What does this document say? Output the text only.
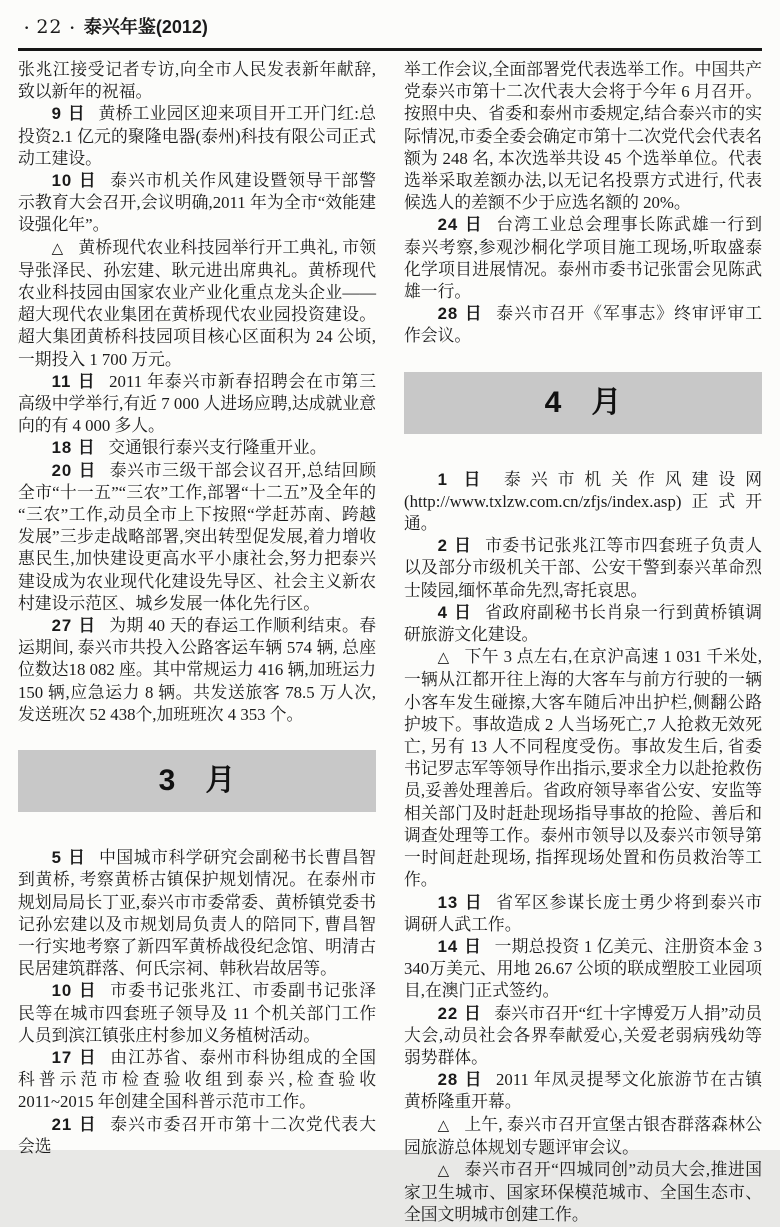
· 22 · 泰兴年鉴(2012)

张兆江接受记者专访,向全市人民发表新年献辞,致以新年的祝福。

9 日 黄桥工业园区迎来项目开工开门红:总投资2.1 亿元的聚隆电器(泰州)科技有限公司正式动工建设。

10 日 泰兴市机关作风建设暨领导干部警示教育大会召开,会议明确,2011 年为全市“效能建设强化年”。

△ 黄桥现代农业科技园举行开工典礼, 市领导张泽民、孙宏建、耿元进出席典礼。黄桥现代农业科技园由国家农业产业化重点龙头企业——超大现代农业集团在黄桥现代农业园投资建设。超大集团黄桥科技园项目核心区面积为 24 公顷, 一期投入 1 700 万元。

11 日 2011 年泰兴市新春招聘会在市第三高级中学举行,有近 7 000 人进场应聘,达成就业意向的有 4 000 多人。

18 日 交通银行泰兴支行隆重开业。

20 日 泰兴市三级干部会议召开,总结回顾全市“十一五”“三农”工作,部署“十二五”及全年的“三农”工作,动员全市上下按照“学赶苏南、跨越发展”三步走战略部署,突出转型促发展,着力增收惠民生,加快建设更高水平小康社会,努力把泰兴建设成为农业现代化建设先导区、社会主义新农村建设示范区、城乡发展一体化先行区。

27 日 为期 40 天的春运工作顺利结束。春运期间, 泰兴市共投入公路客运车辆 574 辆, 总座位数达18 082 座。其中常规运力 416 辆,加班运力 150 辆,应急运力 8 辆。共发送旅客 78.5 万人次,发送班次 52 438个,加班班次 4 353 个。

3　月

5 日 中国城市科学研究会副秘书长曹昌智到黄桥, 考察黄桥古镇保护规划情况。在泰州市规划局局长丁亚,泰兴市市委常委、黄桥镇党委书记孙宏建以及市规划局负责人的陪同下, 曹昌智一行实地考察了新四军黄桥战役纪念馆、明清古民居建筑群落、何氏宗祠、韩秋岩故居等。

10 日 市委书记张兆江、市委副书记张泽民等在城市四套班子领导及 11 个机关部门工作人员到滨江镇张庄村参加义务植树活动。

17 日 由江苏省、泰州市科协组成的全国科普示范市检查验收组到泰兴,检查验收 2011~2015 年创建全国科普示范市工作。

21 日 泰兴市委召开市第十二次党代表大会选

举工作会议,全面部署党代表选举工作。中国共产党泰兴市第十二次代表大会将于今年 6 月召开。按照中央、省委和泰州市委规定,结合泰兴市的实际情况,市委全委会确定市第十二次党代会代表名额为 248 名, 本次选举共设 45 个选举单位。代表选举采取差额办法,以无记名投票方式进行, 代表候选人的差额不少于应选名额的 20%。

24 日 台湾工业总会理事长陈武雄一行到泰兴考察,参观沙桐化学项目施工现场,听取盛泰化学项目进展情况。泰州市委书记张雷会见陈武雄一行。

28 日 泰兴市召开《军事志》终审评审工作会议。

4　月

1 日 泰兴市机关作风建设网(http://www.txlzw.com.cn/zfjs/index.asp)正式开通。

2 日 市委书记张兆江等市四套班子负责人以及部分市级机关干部、公安干警到泰兴革命烈士陵园,缅怀革命先烈,寄托哀思。

4 日 省政府副秘书长肖泉一行到黄桥镇调研旅游文化建设。

△ 下午 3 点左右,在京沪高速 1 031 千米处,一辆从江都开往上海的大客车与前方行驶的一辆小客车发生碰擦,大客车随后冲出护栏,侧翻公路护坡下。事故造成 2 人当场死亡,7 人抢救无效死亡, 另有 13 人不同程度受伤。事故发生后, 省委书记罗志军等领导作出指示,要求全力以赴抢救伤员,妥善处理善后。省政府领导率省公安、安监等相关部门及时赶赴现场指导事故的抢险、善后和调查处理等工作。泰州市领导以及泰兴市领导第一时间赶赴现场, 指挥现场处置和伤员救治等工作。

13 日 省军区参谋长庞士勇少将到泰兴市调研人武工作。

14 日 一期总投资 1 亿美元、注册资本金 3 340万美元、用地 26.67 公顷的联成塑胶工业园项目,在澳门正式签约。

22 日 泰兴市召开“红十字博爱万人捐”动员大会,动员社会各界奉献爱心,关爱老弱病残幼等弱势群体。

28 日 2011 年凤灵提琴文化旅游节在古镇黄桥隆重开幕。

△ 上午, 泰兴市召开宣堡古银杏群落森林公园旅游总体规划专题评审会议。

△ 泰兴市召开“四城同创”动员大会,推进国家卫生城市、国家环保模范城市、全国生态市、全国文明城市创建工作。
